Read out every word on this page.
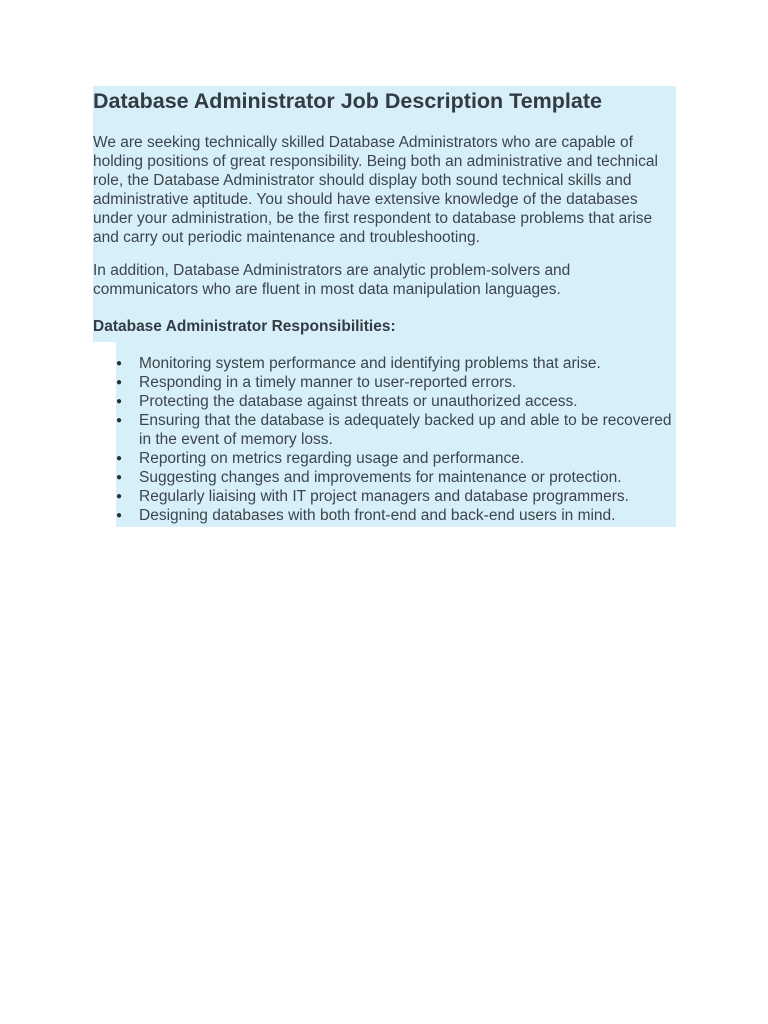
Database Administrator Job Description Template

We are seeking technically skilled Database Administrators who are capable of holding positions of great responsibility. Being both an administrative and technical role, the Database Administrator should display both sound technical skills and administrative aptitude. You should have extensive knowledge of the databases under your administration, be the first respondent to database problems that arise and carry out periodic maintenance and troubleshooting.

In addition, Database Administrators are analytic problem-solvers and communicators who are fluent in most data manipulation languages.

Database Administrator Responsibilities:

● Monitoring system performance and identifying problems that arise.
● Responding in a timely manner to user-reported errors.
● Protecting the database against threats or unauthorized access.
● Ensuring that the database is adequately backed up and able to be recovered in the event of memory loss.
● Reporting on metrics regarding usage and performance.
● Suggesting changes and improvements for maintenance or protection.
● Regularly liaising with IT project managers and database programmers.
● Designing databases with both front-end and back-end users in mind.
